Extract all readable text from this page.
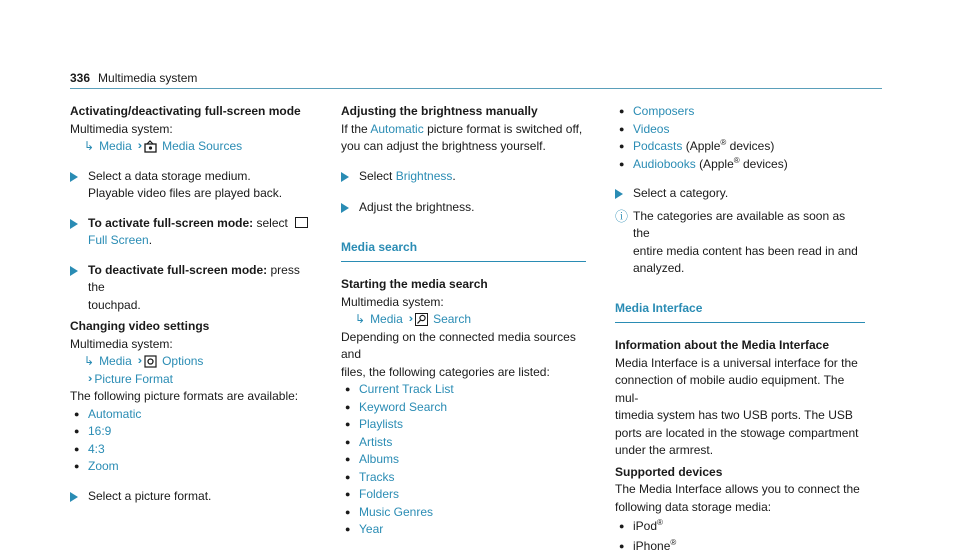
336 Multimedia system
Activating/deactivating full-screen mode
Multimedia system:
↳ Media ›› Media Sources
Select a data storage medium.
Playable video files are played back.
To activate full-screen mode: select
Full Screen.
To deactivate full-screen mode: press the
touchpad.
Changing video settings
Multimedia system:
↳ Media ›› Options
›› Picture Format
The following picture formats are available:
● Automatic
● 16:9
● 4:3
● Zoom
Select a picture format.
Adjusting the brightness manually
If the Automatic picture format is switched off,
you can adjust the brightness yourself.
Select Brightness.
Adjust the brightness.
Media search
Starting the media search
Multimedia system:
↳ Media ›› Search
Depending on the connected media sources and
files, the following categories are listed:
● Current Track List
● Keyword Search
● Playlists
● Artists
● Albums
● Tracks
● Folders
● Music Genres
● Year
● Composers
● Videos
● Podcasts (Apple® devices)
● Audiobooks (Apple® devices)
Select a category.
ⓘ The categories are available as soon as the
entire media content has been read in and
analyzed.
Media Interface
Information about the Media Interface
Media Interface is a universal interface for the
connection of mobile audio equipment. The mul‐
timedia system has two USB ports. The USB
ports are located in the stowage compartment
under the armrest.
Supported devices
The Media Interface allows you to connect the
following data storage media:
● iPod®
● iPhone®
